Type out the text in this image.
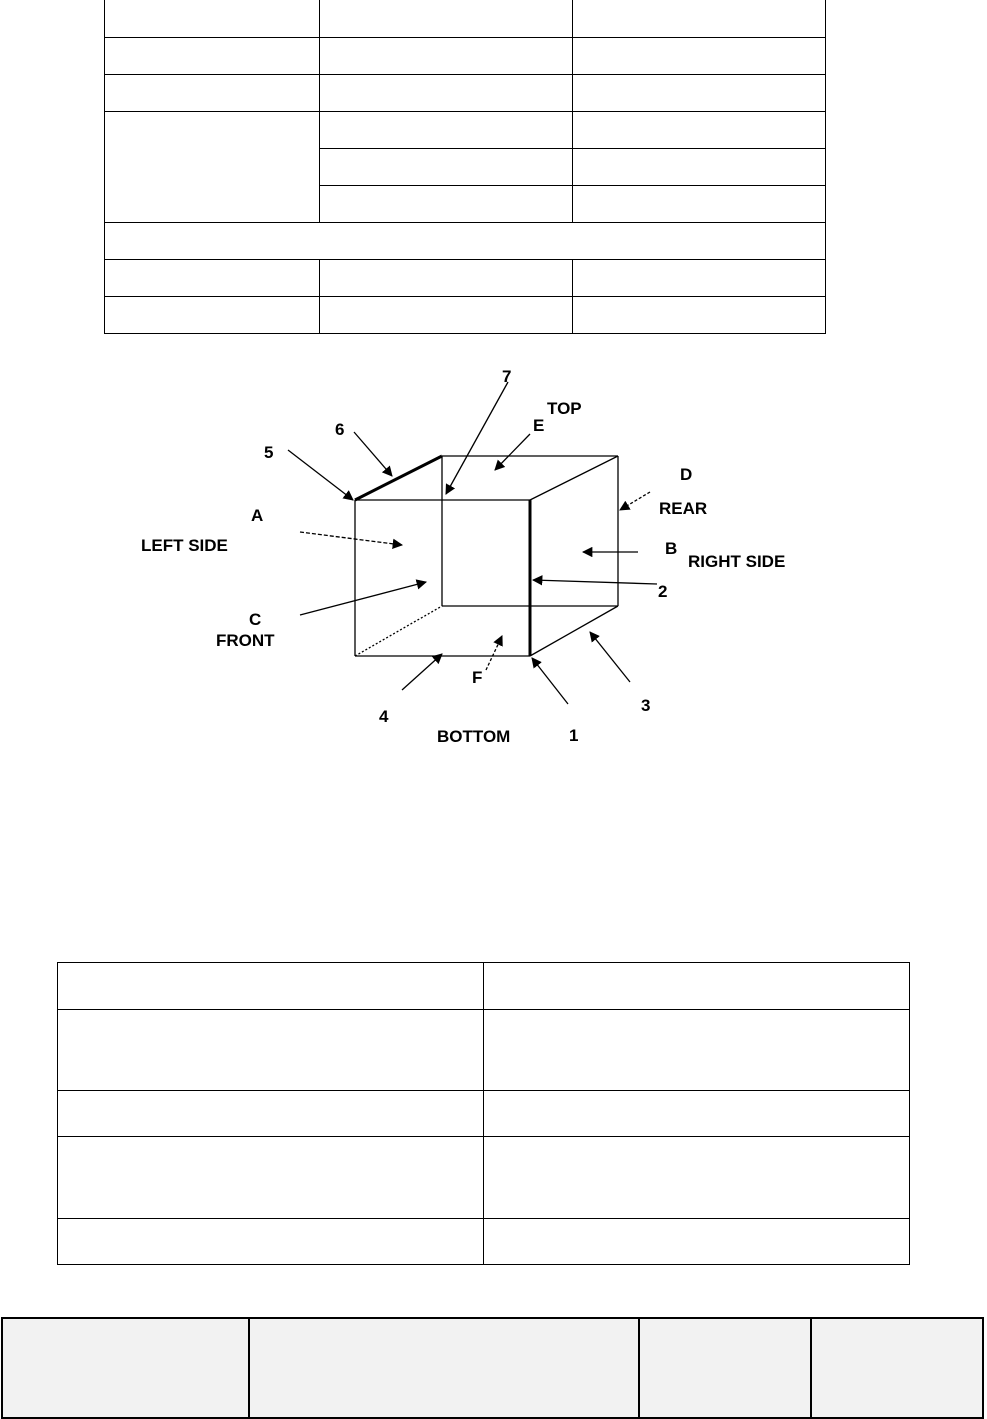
7
TOP
E
6
5
D
REAR
A
LEFT SIDE	B
RIGHT SIDE
2
C
FRONT
F
3
4
BOTTOM	1
